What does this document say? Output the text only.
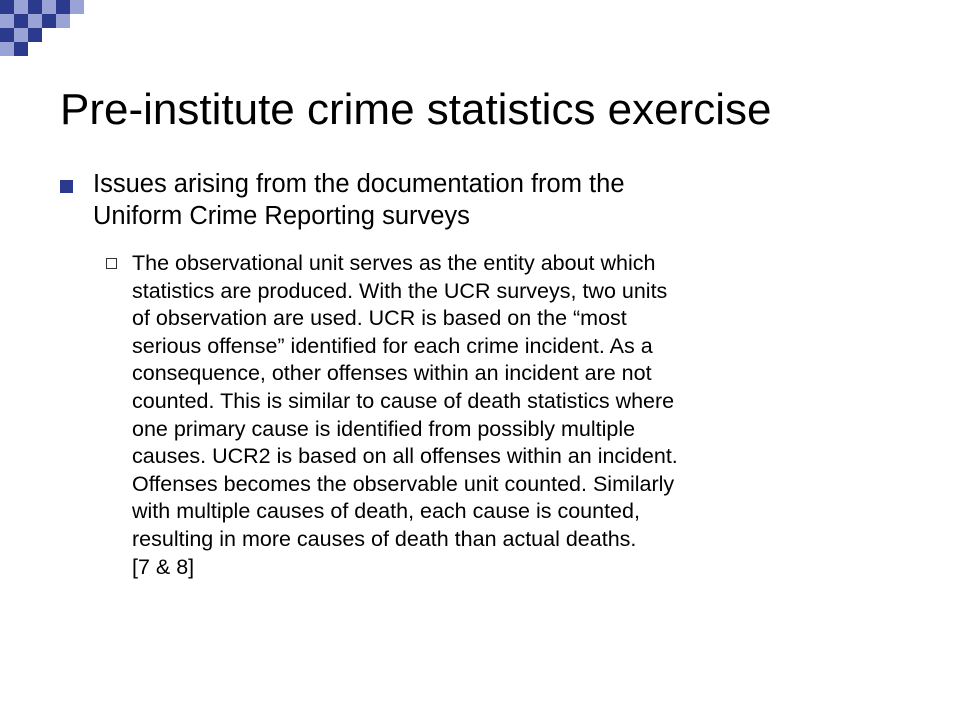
Pre-institute crime statistics exercise
Issues arising from the documentation from the
Uniform Crime Reporting surveys
The observational unit serves as the entity about which
statistics are produced. With the UCR surveys, two units
of observation are used. UCR is based on the “most
serious offense” identified for each crime incident. As a
consequence, other offenses within an incident are not
counted. This is similar to cause of death statistics where
one primary cause is identified from possibly multiple
causes. UCR2 is based on all offenses within an incident.
Offenses becomes the observable unit counted. Similarly
with multiple causes of death, each cause is counted,
resulting in more causes of death than actual deaths.
[7 & 8]
